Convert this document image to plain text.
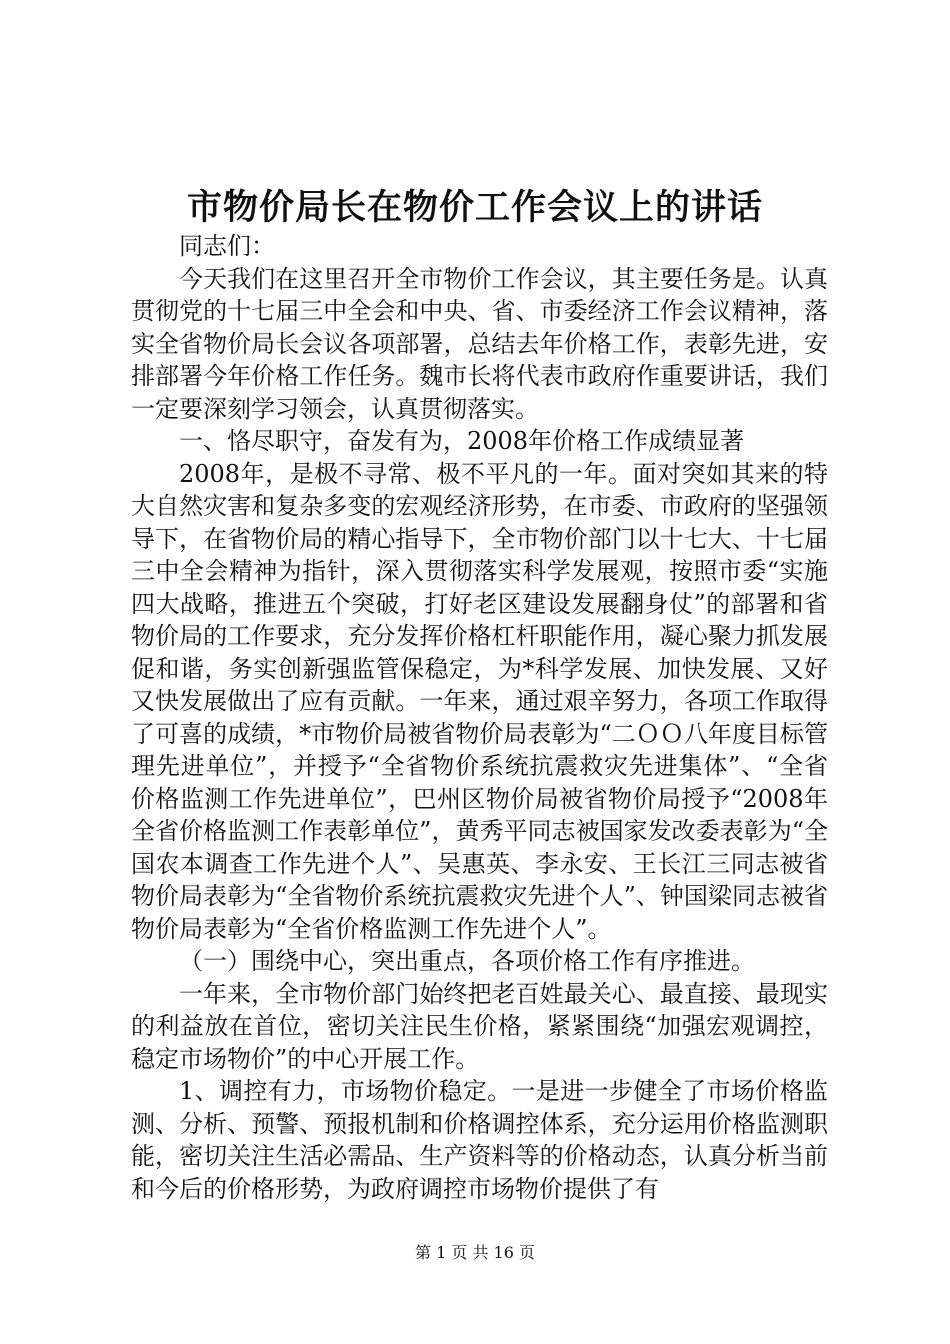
市物价局长在物价工作会议上的讲话

同志们：

今天我们在这里召开全市物价工作会议，其主要任务是。认真贯彻党的十七届三中全会和中央、省、市委经济工作会议精神，落实全省物价局长会议各项部署，总结去年价格工作，表彰先进，安排部署今年价格工作任务。魏市长将代表市政府作重要讲话，我们一定要深刻学习领会，认真贯彻落实。

一、恪尽职守，奋发有为，2008年价格工作成绩显著

2008年，是极不寻常、极不平凡的一年。面对突如其来的特大自然灾害和复杂多变的宏观经济形势，在市委、市政府的坚强领导下，在省物价局的精心指导下，全市物价部门以十七大、十七届三中全会精神为指针，深入贯彻落实科学发展观，按照市委“实施四大战略，推进五个突破，打好老区建设发展翻身仗”的部署和省物价局的工作要求，充分发挥价格杠杆职能作用，凝心聚力抓发展促和谐，务实创新强监管保稳定，为*科学发展、加快发展、又好又快发展做出了应有贡献。一年来，通过艰辛努力，各项工作取得了可喜的成绩，*市物价局被省物价局表彰为“二ＯＯ八年度目标管理先进单位”，并授予“全省物价系统抗震救灾先进集体”、“全省价格监测工作先进单位”，巴州区物价局被省物价局授予“2008年全省价格监测工作表彰单位”，黄秀平同志被国家发改委表彰为“全国农本调查工作先进个人”、吴惠英、李永安、王长江三同志被省物价局表彰为“全省物价系统抗震救灾先进个人”、钟国梁同志被省物价局表彰为“全省价格监测工作先进个人”。

（一）围绕中心，突出重点，各项价格工作有序推进。

一年来，全市物价部门始终把老百姓最关心、最直接、最现实的利益放在首位，密切关注民生价格，紧紧围绕“加强宏观调控，稳定市场物价”的中心开展工作。

1、调控有力，市场物价稳定。一是进一步健全了市场价格监测、分析、预警、预报机制和价格调控体系，充分运用价格监测职能，密切关注生活必需品、生产资料等的价格动态，认真分析当前和今后的价格形势，为政府调控市场物价提供了有

第 1 页 共 16 页
